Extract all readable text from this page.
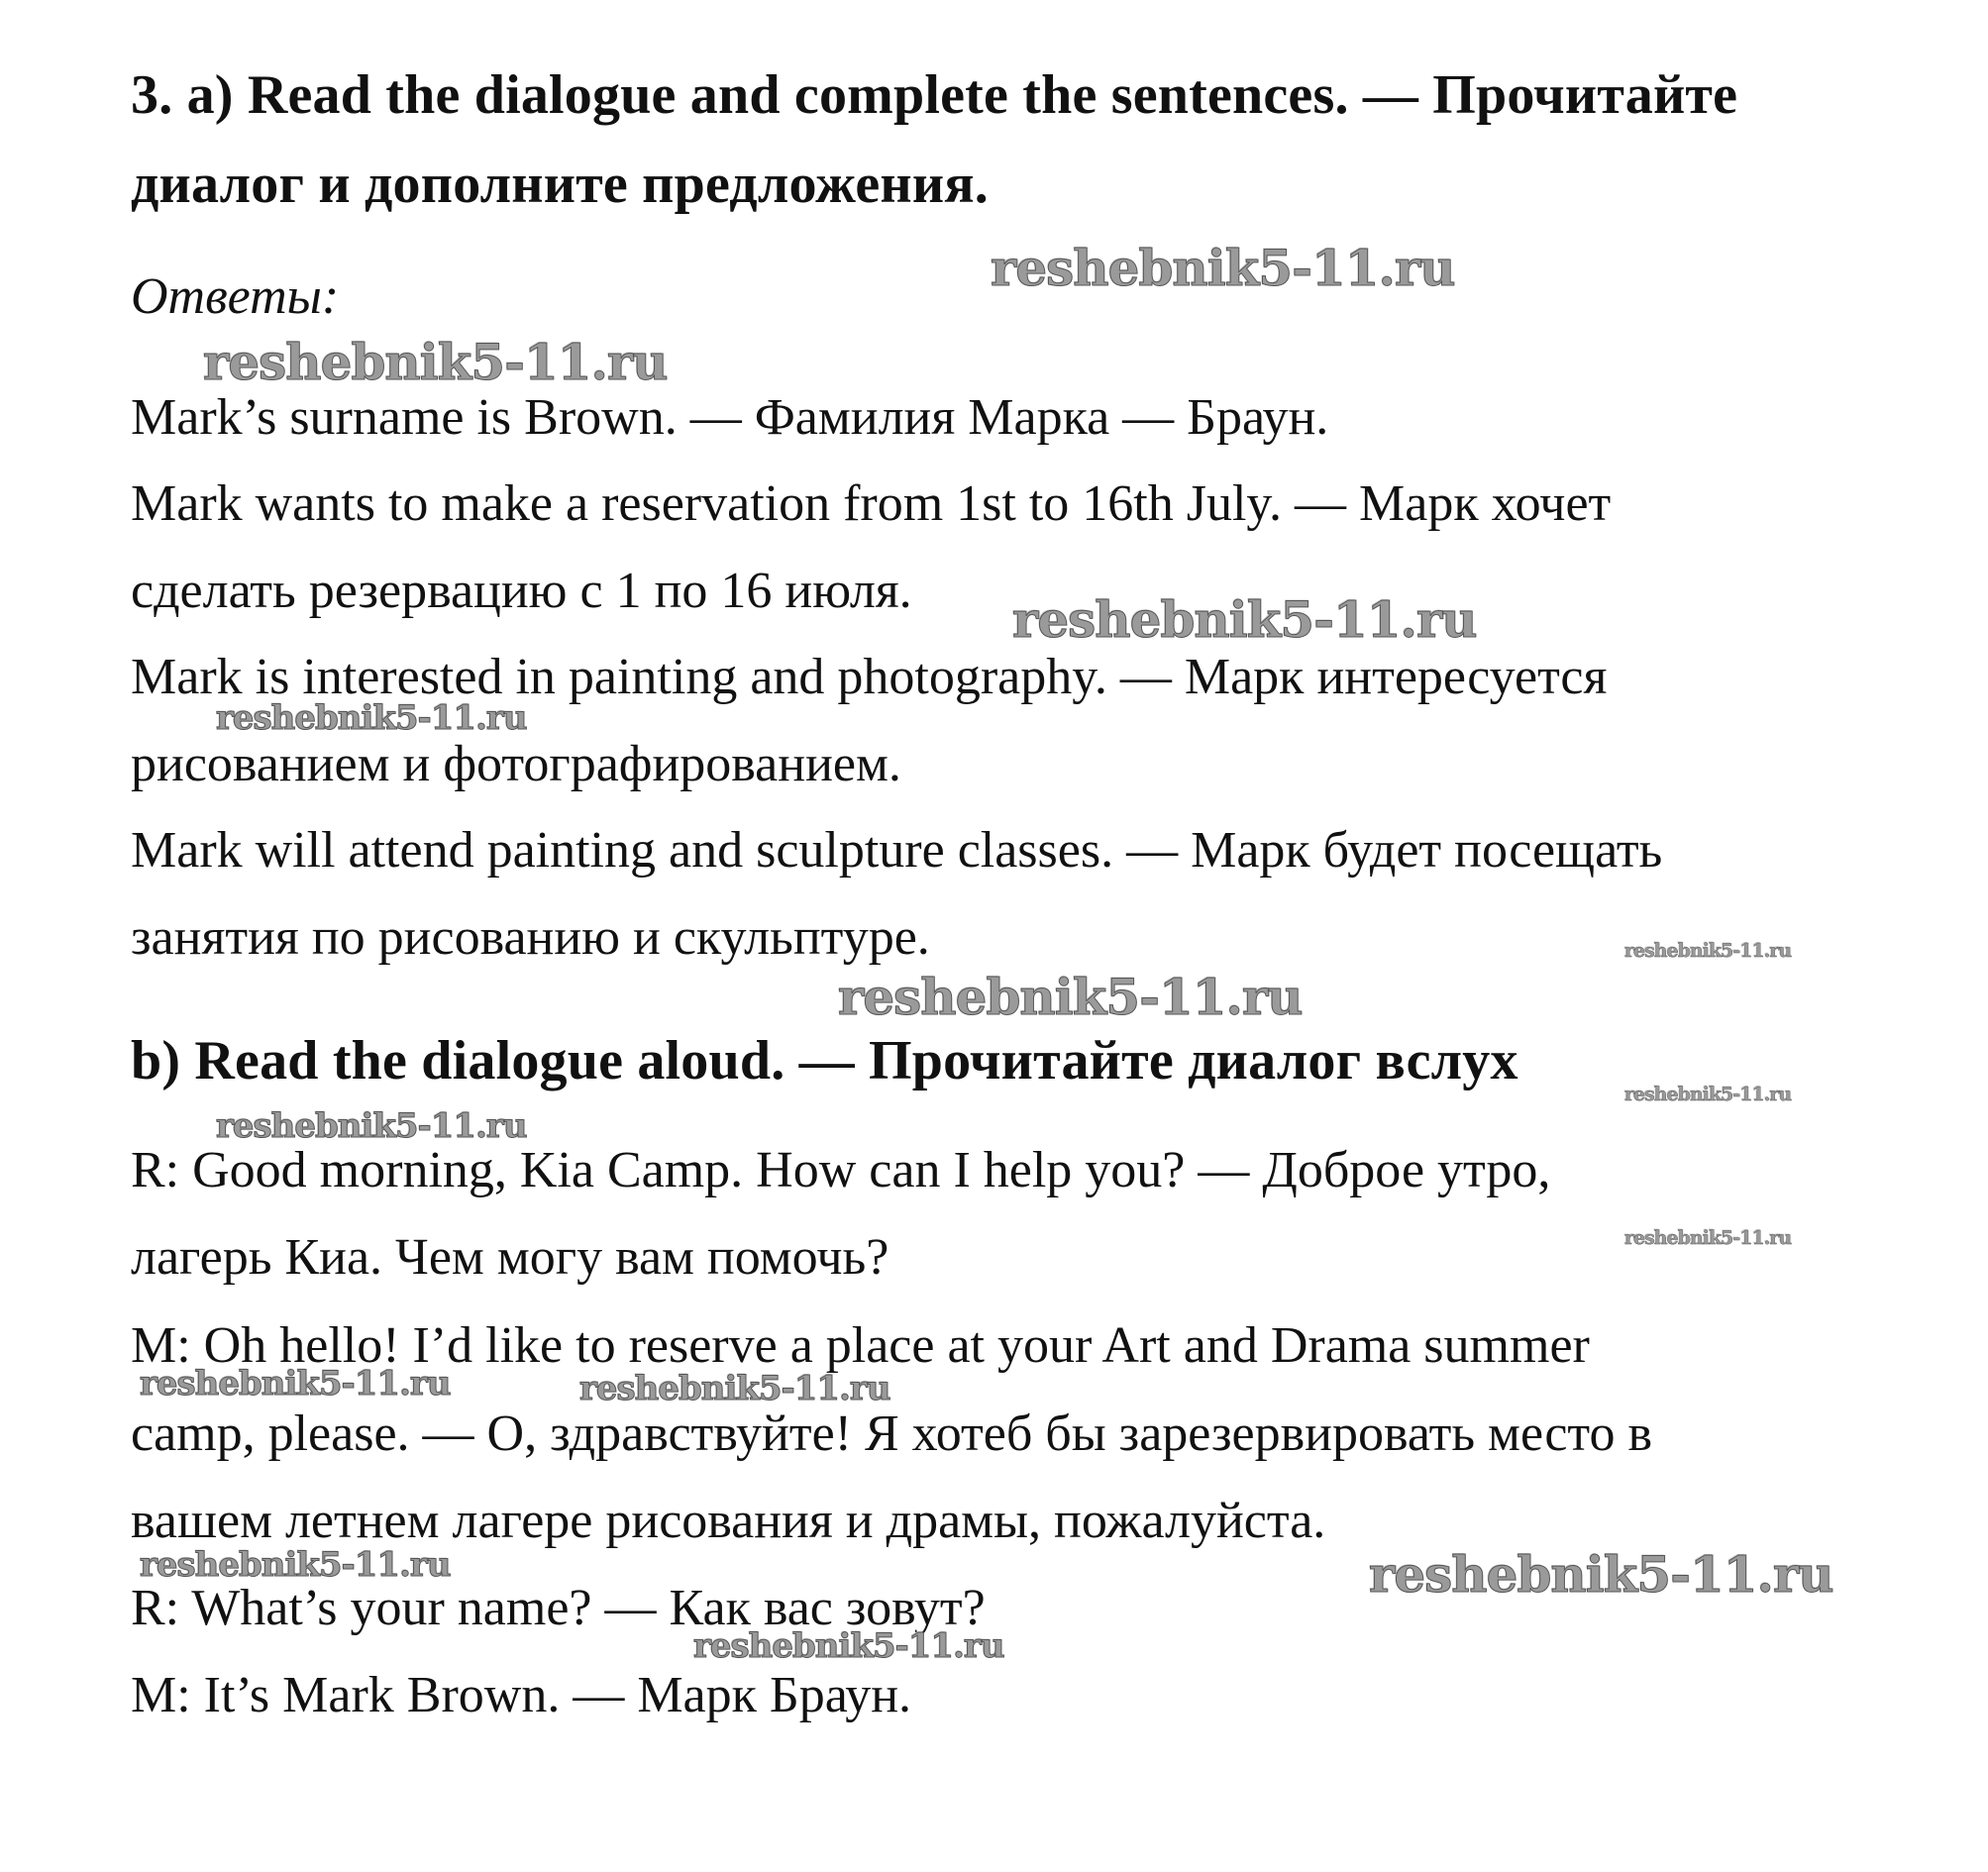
3. a) Read the dialogue and complete the sentences. — Прочитайте
диалог и дополните предложения.
Ответы:
Mark’s surname is Brown. — Фамилия Марка — Браун.
Mark wants to make a reservation from 1st to 16th July. — Марк хочет
сделать резервацию с 1 по 16 июля.
Mark is interested in painting and photography. — Марк интересуется
рисованием и фотографированием.
Mark will attend painting and sculpture classes. — Марк будет посещать
занятия по рисованию и скульптуре.
b) Read the dialogue aloud. — Прочитайте диалог вслух
R: Good morning, Kia Camp. How can I help you? — Доброе утро,
лагерь Киа. Чем могу вам помочь?
M: Oh hello! I’d like to reserve a place at your Art and Drama summer
camp, please. — О, здравствуйте! Я хотеб бы зарезервировать место в
вашем летнем лагере рисования и драмы, пожалуйста.
R: What’s your name? — Как вас зовут?
M: It’s Mark Brown. — Марк Браун.
reshebnik5-11.ru
reshebnik5-11.ru
reshebnik5-11.ru
reshebnik5-11.ru
reshebnik5-11.ru
reshebnik5-11.ru
reshebnik5-11.ru
reshebnik5-11.ru
reshebnik5-11.ru
reshebnik5-11.ru	reshebnik5-11.ru
reshebnik5-11.ru	reshebnik5-11.ru
reshebnik5-11.ru
